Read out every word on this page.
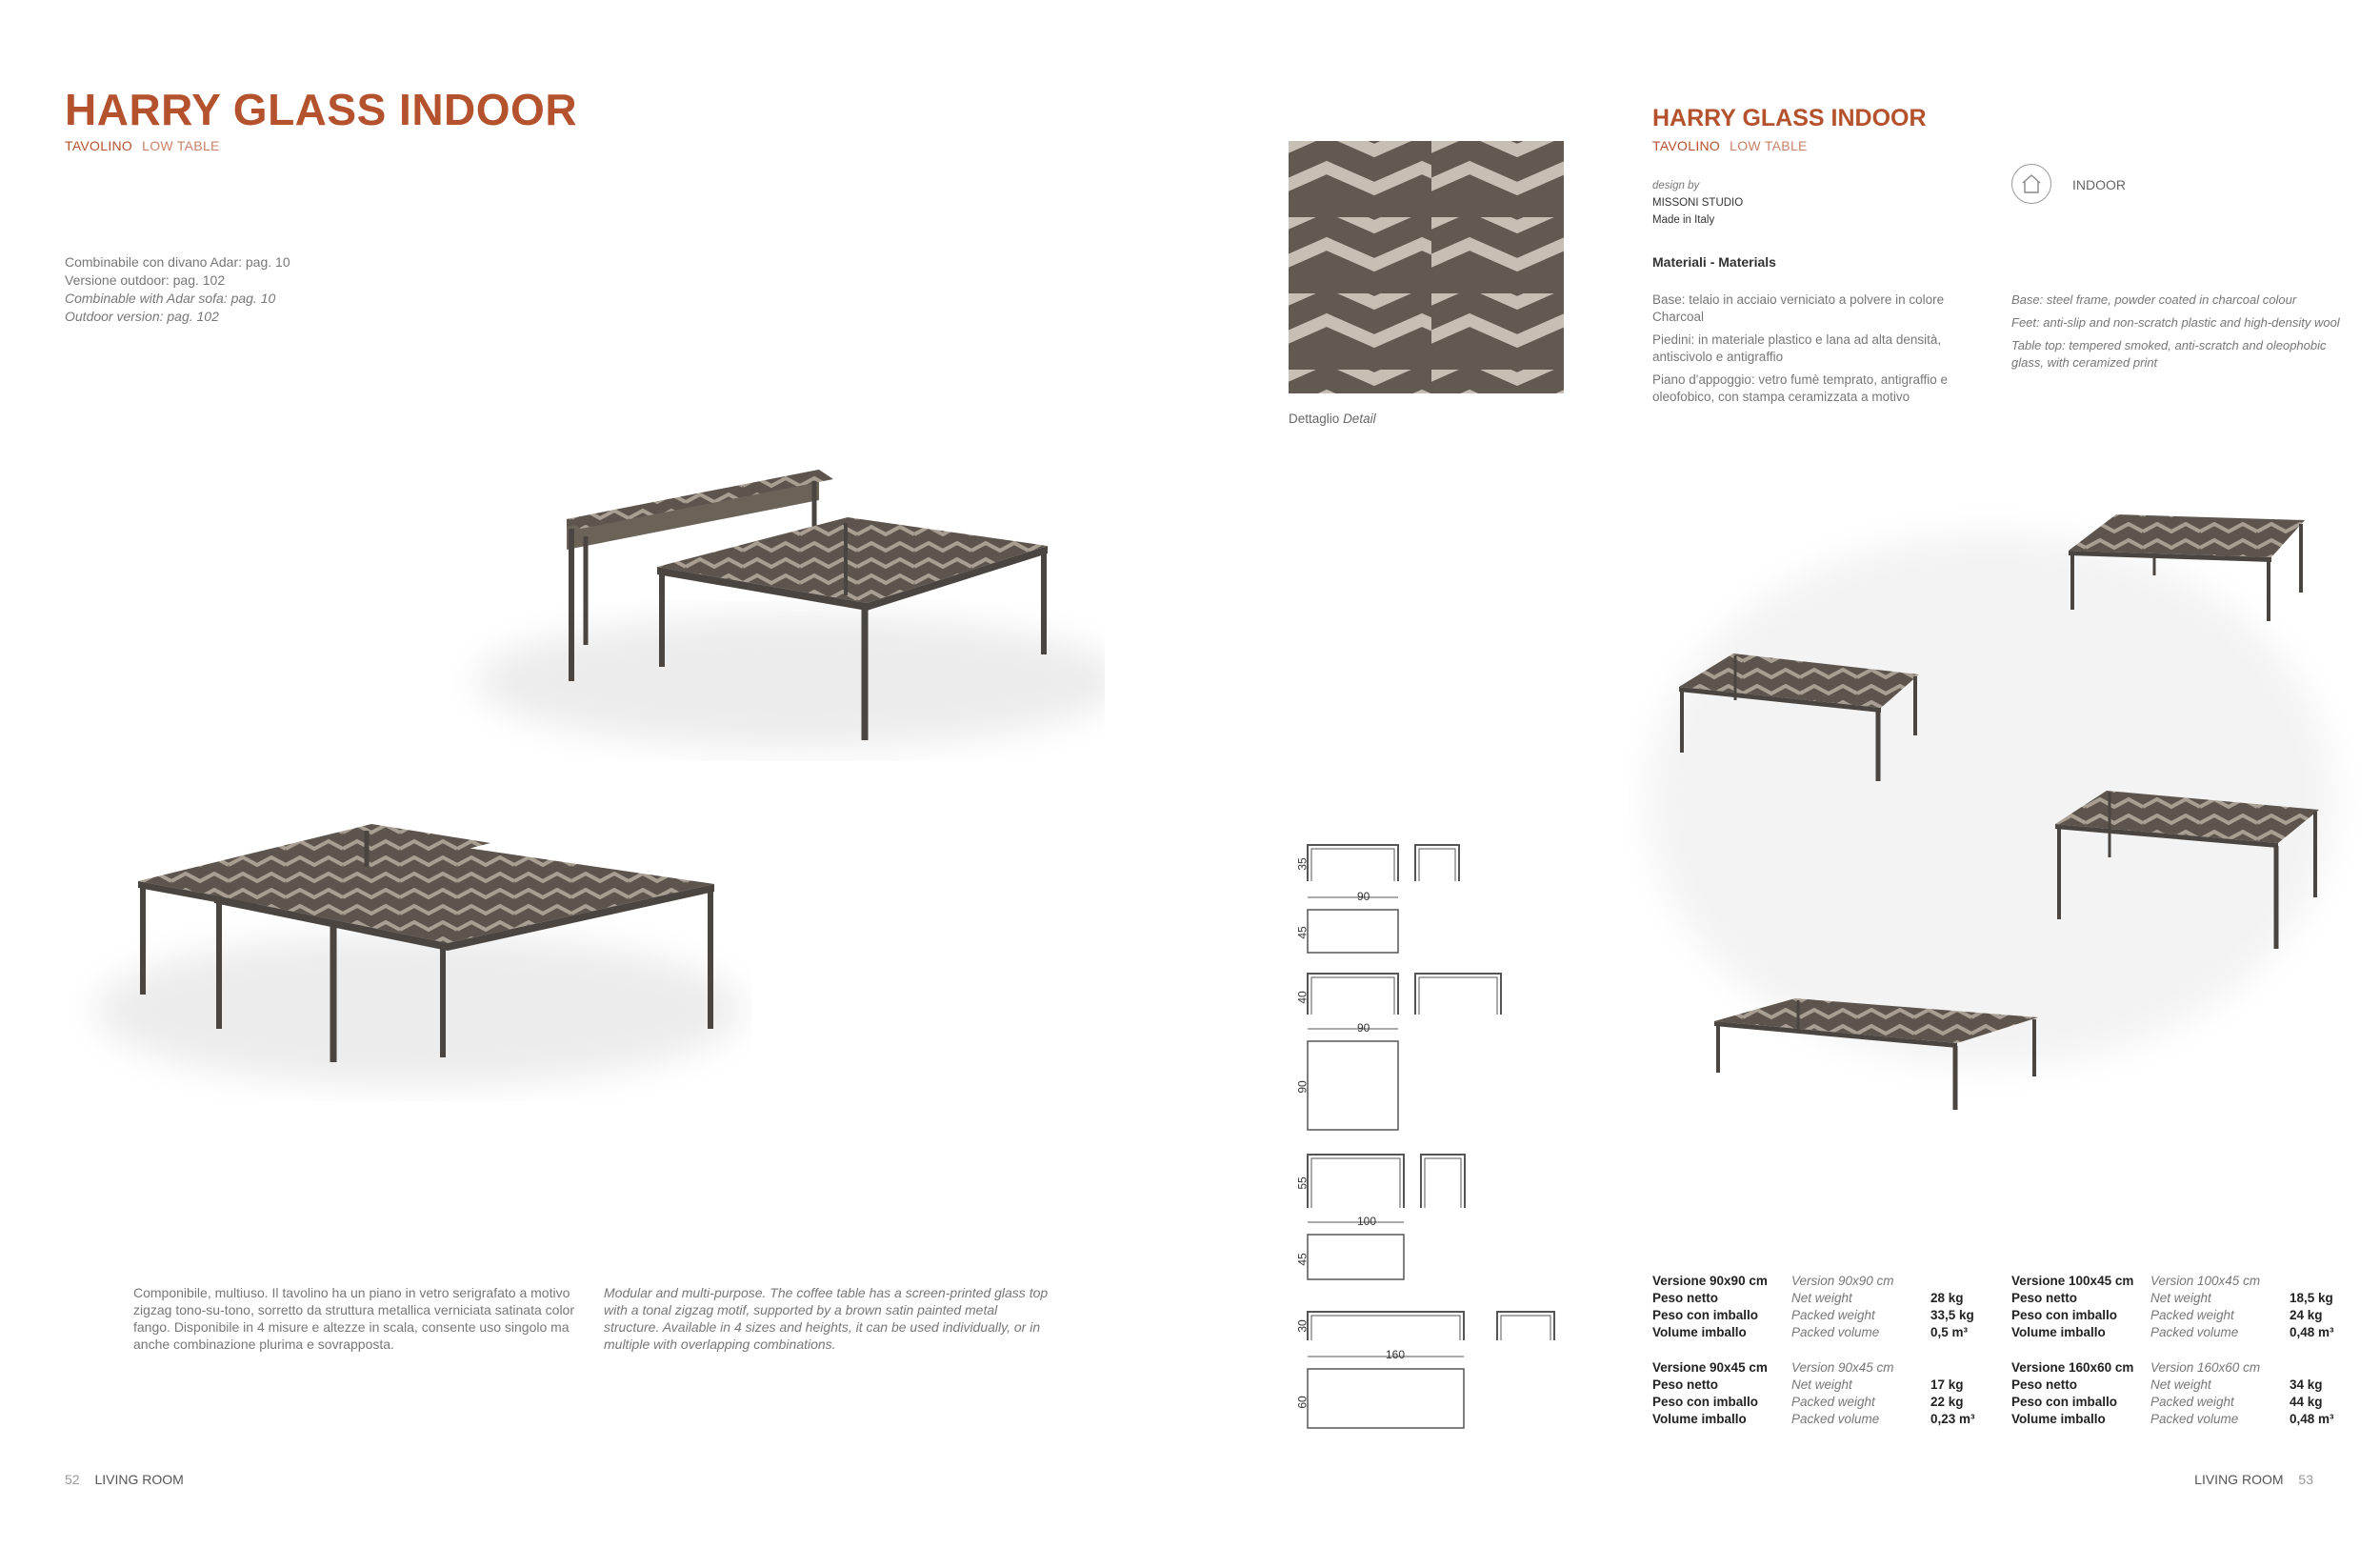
HARRY GLASS INDOOR
TAVOLINO LOW TABLE
Combinabile con divano Adar: pag. 10
Versione outdoor: pag. 102
Combinable with Adar sofa: pag. 10
Outdoor version: pag. 102
Componibile, multiuso. Il tavolino ha un piano in vetro serigrafato a motivo zigzag tono-su-tono, sorretto da struttura metallica verniciata satinata color fango. Disponibile in 4 misure e altezze in scala, consente uso singolo ma anche combinazione plurima e sovrapposta.
Modular and multi-purpose. The coffee table has a screen-printed glass top with a tonal zigzag motif, supported by a brown satin painted metal structure. Available in 4 sizes and heights, it can be used individually, or in multiple with overlapping combinations.
52 LIVING ROOM
Dettaglio Detail
35
90
45
40
90
90
55
100
45
30
160
60
HARRY GLASS INDOOR
TAVOLINO LOW TABLE
design by
MISSONI STUDIO
Made in Italy
INDOOR
Materiali - Materials

Base: telaio in acciaio verniciato a polvere in colore Charcoal

Piedini: in materiale plastico e lana ad alta densità, antiscivolo e antigraffio

Piano d'appoggio: vetro fumè temprato, antigraffio e oleofobico, con stampa ceramizzata a motivo

Base: steel frame, powder coated in charcoal colour

Feet: anti-slip and non-scratch plastic and high-density wool

Table top: tempered smoked, anti-scratch and oleophobic glass, with ceramized print

Versione 90x90 cm Version 90x90 cm
Peso netto	Net weight	28 kg
Peso con imballo	Packed weight	33,5 kg
Volume imballo	Packed volume	0,5 m³
Versione 100x45 cm Version 100x45 cm
Peso netto	Net weight	18,5 kg
Peso con imballo	Packed weight	24 kg
Volume imballo	Packed volume	0,48 m³
Versione 90x45 cm Version 90x45 cm
Peso netto	Net weight	17 kg
Peso con imballo	Packed weight	22 kg
Volume imballo	Packed volume	0,23 m³
Versione 160x60 cm Version 160x60 cm
Peso netto	Net weight	34 kg
Peso con imballo	Packed weight	44 kg
Volume imballo	Packed volume	0,48 m³
LIVING ROOM 53
